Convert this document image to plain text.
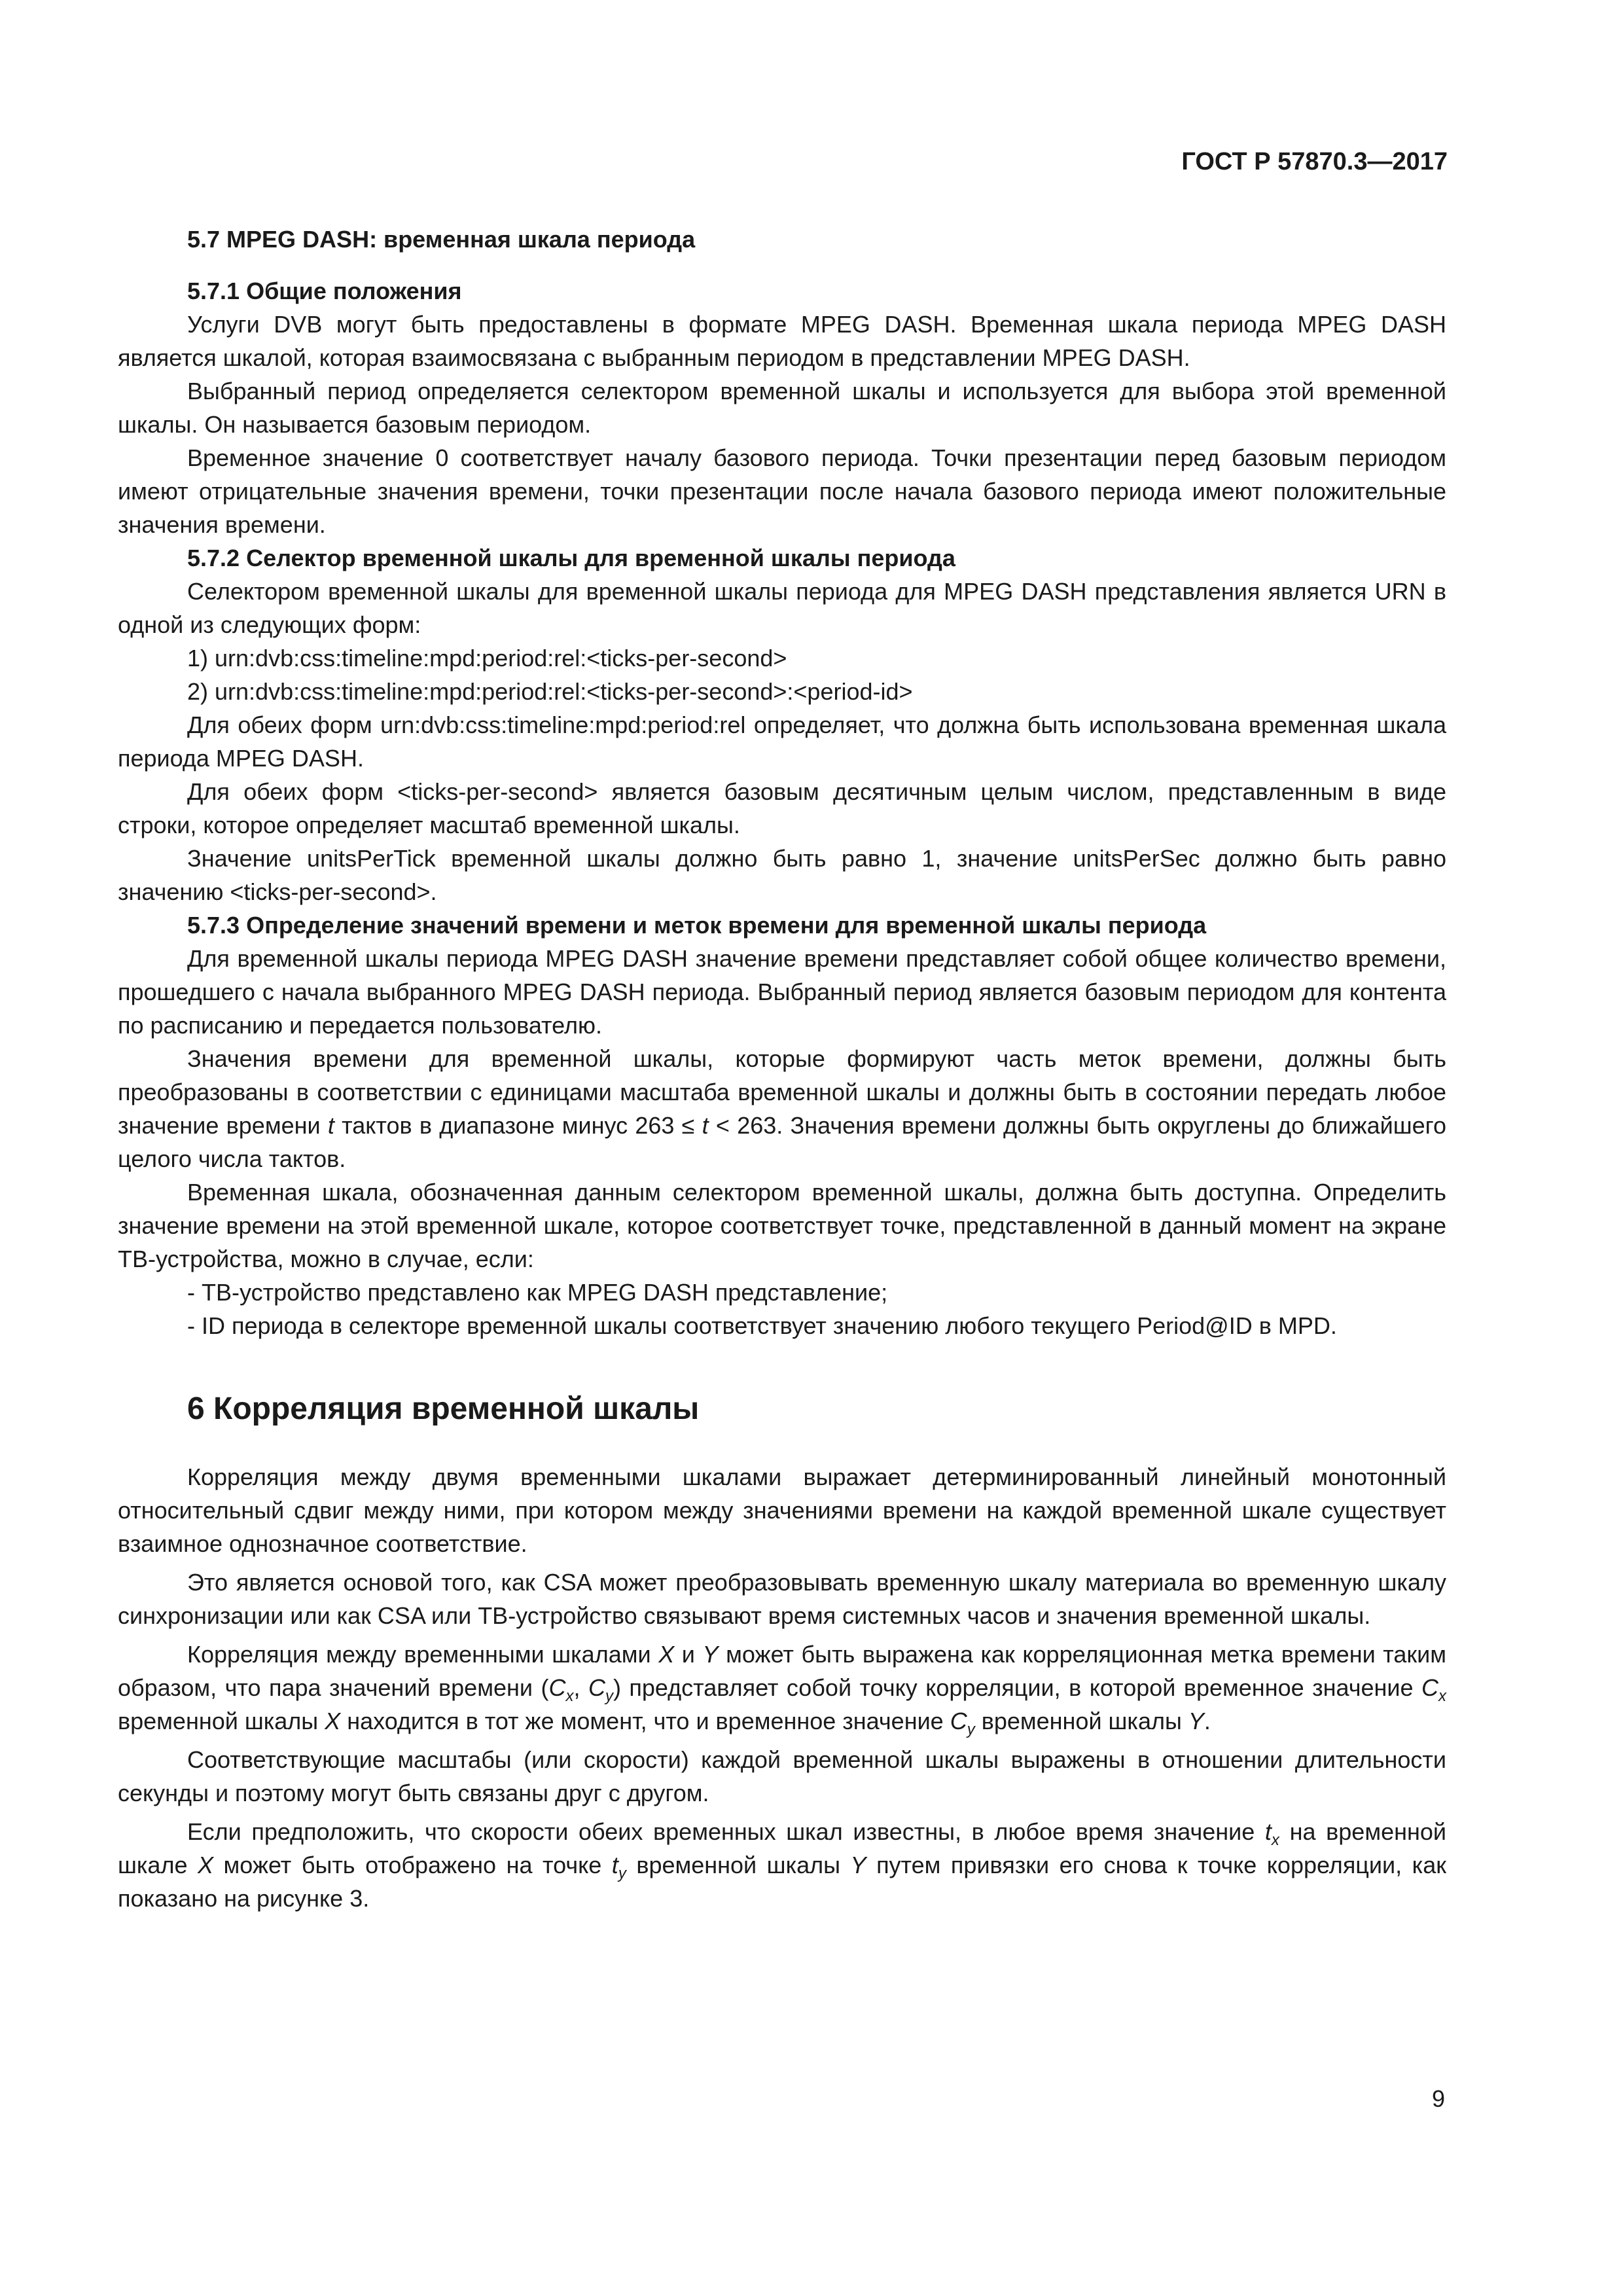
ГОСТ Р 57870.3—2017

5.7 MPEG DASH: временная шкала периода
5.7.1 Общие положения

Услуги DVB могут быть предоставлены в формате MPEG DASH. Временная шкала периода MPEG DASH является шкалой, которая взаимосвязана с выбранным периодом в представлении MPEG DASH.

Выбранный период определяется селектором временной шкалы и используется для выбора этой временной шкалы. Он называется базовым периодом.

Временное значение 0 соответствует началу базового периода. Точки презентации перед базовым периодом имеют отрицательные значения времени, точки презентации после начала базового периода имеют положительные значения времени.

5.7.2 Селектор временной шкалы для временной шкалы периода

Селектором временной шкалы для временной шкалы периода для MPEG DASH представления является URN в одной из следующих форм:

1) urn:dvb:css:timeline:mpd:period:rel:<ticks-per-second>

2) urn:dvb:css:timeline:mpd:period:rel:<ticks-per-second>:<period-id>

Для обеих форм urn:dvb:css:timeline:mpd:period:rel определяет, что должна быть использована временная шкала периода MPEG DASH.

Для обеих форм <ticks-per-second> является базовым десятичным целым числом, представленным в виде строки, которое определяет масштаб временной шкалы.

Значение unitsPerTick временной шкалы должно быть равно 1, значение unitsPerSec должно быть равно значению <ticks-per-second>.

5.7.3 Определение значений времени и меток времени для временной шкалы периода

Для временной шкалы периода MPEG DASH значение времени представляет собой общее количество времени, прошедшего с начала выбранного MPEG DASH периода. Выбранный период является базовым периодом для контента по расписанию и передается пользователю.

Значения времени для временной шкалы, которые формируют часть меток времени, должны быть преобразованы в соответствии с единицами масштаба временной шкалы и должны быть в состоянии передать любое значение времени t тактов в диапазоне минус 263 ≤ t < 263. Значения времени должны быть округлены до ближайшего целого числа тактов.

Временная шкала, обозначенная данным селектором временной шкалы, должна быть доступна. Определить значение времени на этой временной шкале, которое соответствует точке, представленной в данный момент на экране ТВ-устройства, можно в случае, если:

- ТВ-устройство представлено как MPEG DASH представление;

- ID периода в селекторе временной шкалы соответствует значению любого текущего Period@ID в MPD.

6 Корреляция временной шкалы

Корреляция между двумя временными шкалами выражает детерминированный линейный монотонный относительный сдвиг между ними, при котором между значениями времени на каждой временной шкале существует взаимное однозначное соответствие.

Это является основой того, как CSA может преобразовывать временную шкалу материала во временную шкалу синхронизации или как CSA или ТВ-устройство связывают время системных часов и значения временной шкалы.

Корреляция между временными шкалами X и Y может быть выражена как корреляционная метка времени таким образом, что пара значений времени ($C_x$, $C_y$) представляет собой точку корреляции, в которой временное значение $C_x$ временной шкалы X находится в тот же момент, что и временное значение $C_y$ временной шкалы Y.

Соответствующие масштабы (или скорости) каждой временной шкалы выражены в отношении длительности секунды и поэтому могут быть связаны друг с другом.

Если предположить, что скорости обеих временных шкал известны, в любое время значение $t_x$ на временной шкале X может быть отображено на точке $t_y$ временной шкалы Y путем привязки его снова к точке корреляции, как показано на рисунке 3.

9
